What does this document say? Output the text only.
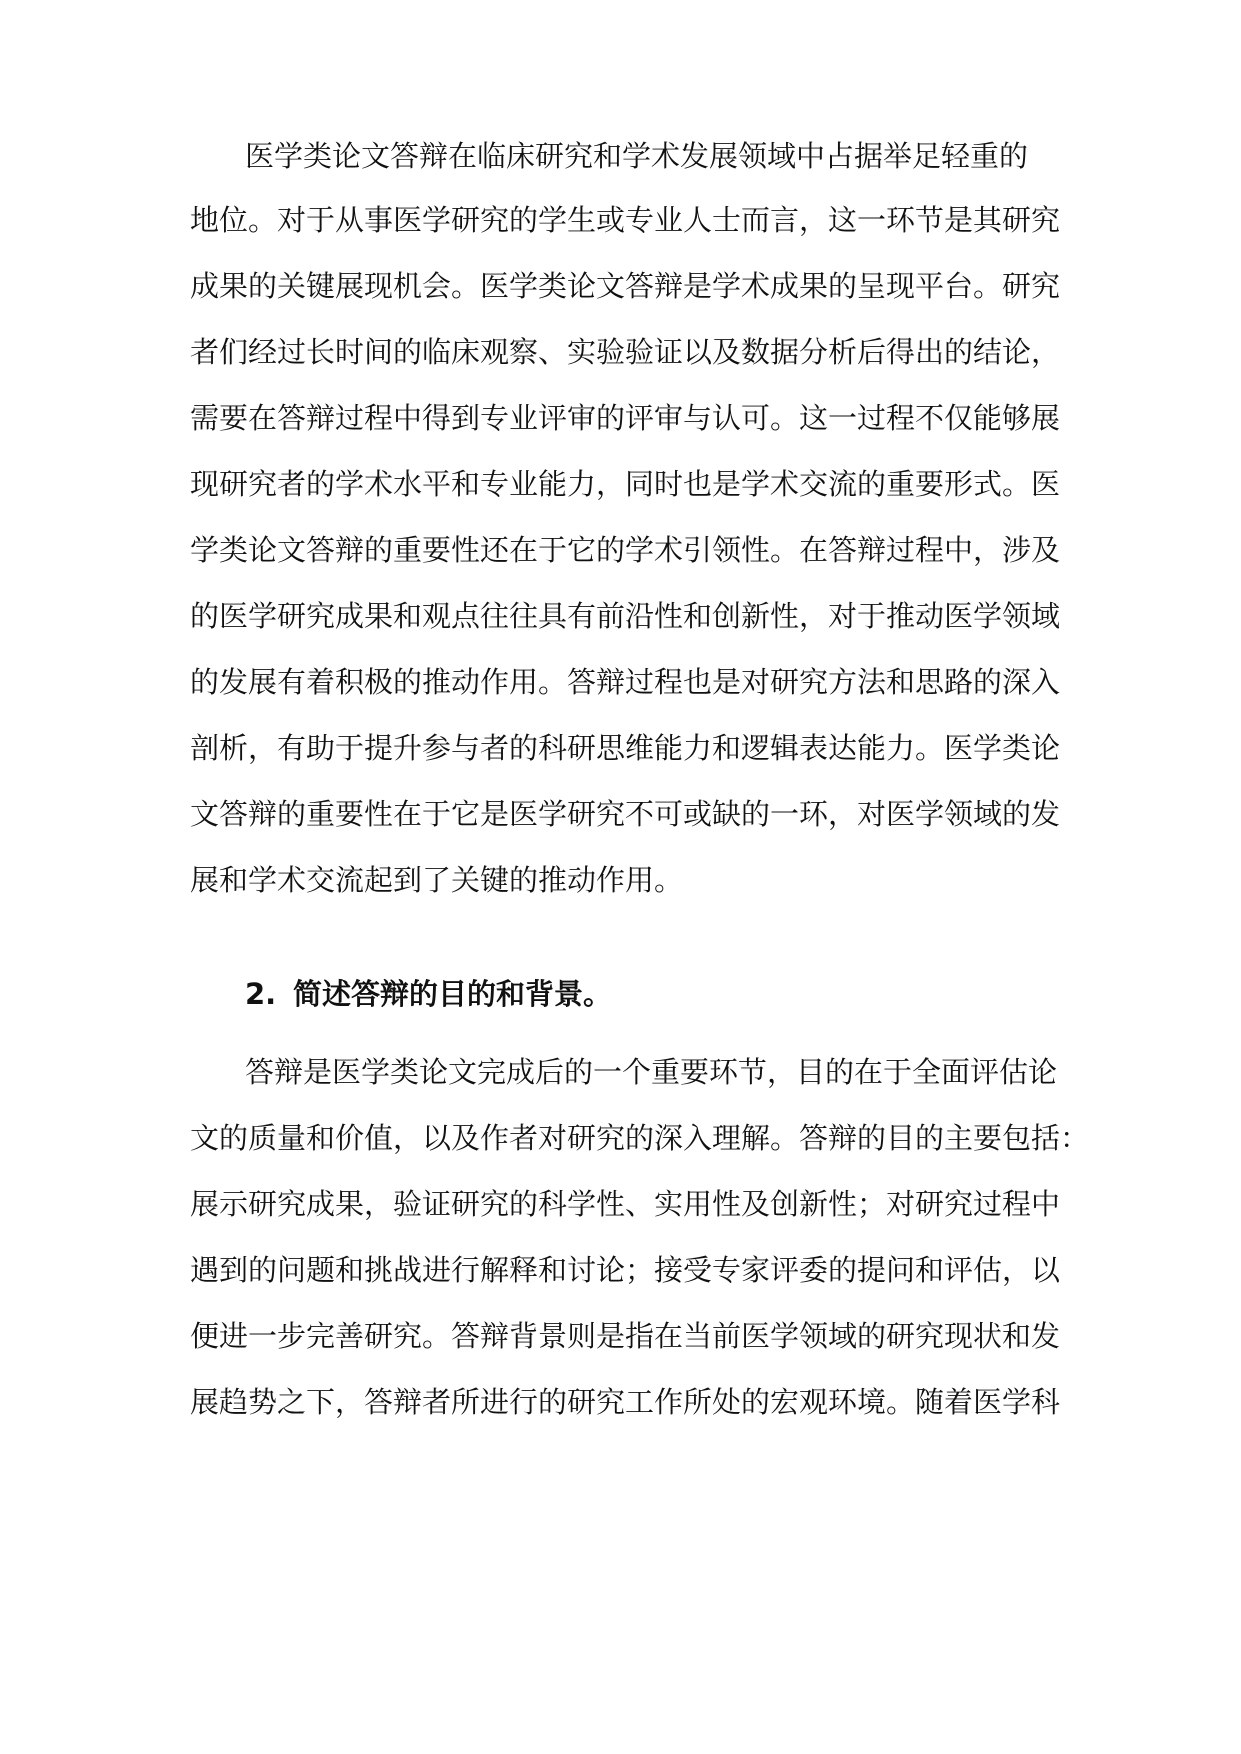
医学类论文答辩在临床研究和学术发展领域中占据举足轻重的
地位。对于从事医学研究的学生或专业人士而言，这一环节是其研究
成果的关键展现机会。医学类论文答辩是学术成果的呈现平台。研究
者们经过长时间的临床观察、实验验证以及数据分析后得出的结论，
需要在答辩过程中得到专业评审的评审与认可。这一过程不仅能够展
现研究者的学术水平和专业能力，同时也是学术交流的重要形式。医
学类论文答辩的重要性还在于它的学术引领性。在答辩过程中，涉及
的医学研究成果和观点往往具有前沿性和创新性，对于推动医学领域
的发展有着积极的推动作用。答辩过程也是对研究方法和思路的深入
剖析，有助于提升参与者的科研思维能力和逻辑表达能力。医学类论
文答辩的重要性在于它是医学研究不可或缺的一环，对医学领域的发
展和学术交流起到了关键的推动作用。
2. 简述答辩的目的和背景。
答辩是医学类论文完成后的一个重要环节，目的在于全面评估论
文的质量和价值，以及作者对研究的深入理解。答辩的目的主要包括：
展示研究成果，验证研究的科学性、实用性及创新性；对研究过程中
遇到的问题和挑战进行解释和讨论；接受专家评委的提问和评估，以
便进一步完善研究。答辩背景则是指在当前医学领域的研究现状和发
展趋势之下，答辩者所进行的研究工作所处的宏观环境。随着医学科
